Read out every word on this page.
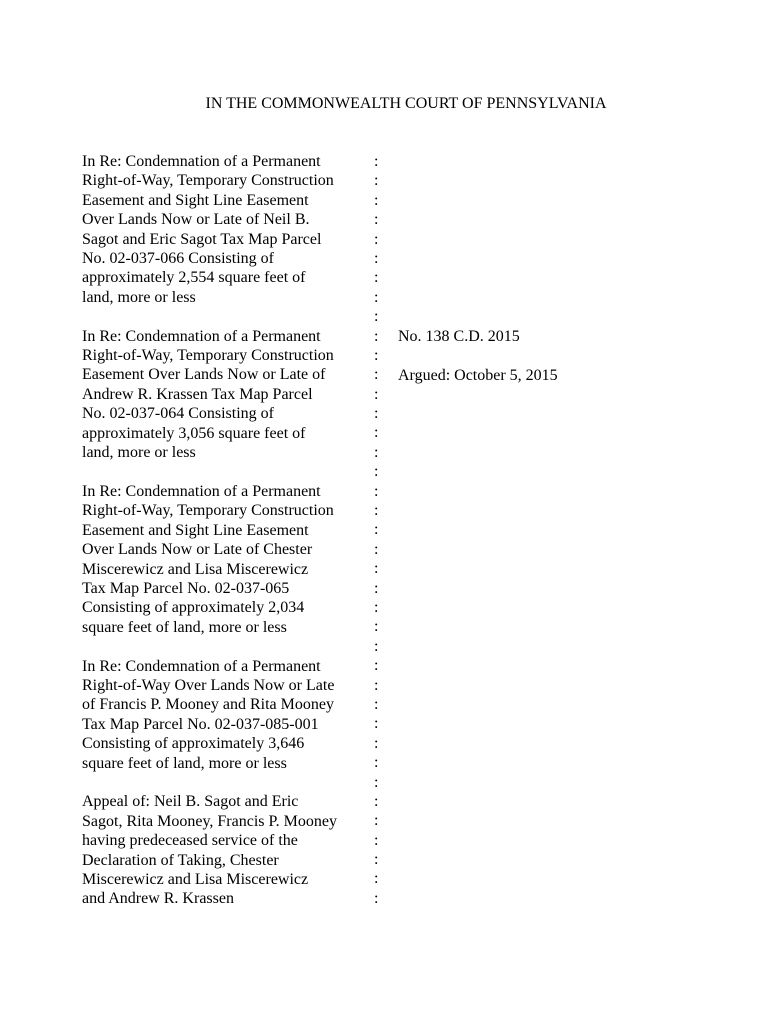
IN THE COMMONWEALTH COURT OF PENNSYLVANIA
In Re: Condemnation of a Permanent
Right-of-Way, Temporary Construction
Easement and Sight Line Easement
Over Lands Now or Late of Neil B.
Sagot and Eric Sagot Tax Map Parcel
No. 02-037-066 Consisting of
approximately 2,554 square feet of
land, more or less
In Re: Condemnation of a Permanent
Right-of-Way, Temporary Construction
Easement Over Lands Now or Late of
Andrew R. Krassen Tax Map Parcel
No. 02-037-064 Consisting of
approximately 3,056 square feet of
land, more or less
In Re: Condemnation of a Permanent
Right-of-Way, Temporary Construction
Easement and Sight Line Easement
Over Lands Now or Late of Chester
Miscerewicz and Lisa Miscerewicz
Tax Map Parcel No. 02-037-065
Consisting of approximately 2,034
square feet of land, more or less
In Re: Condemnation of a Permanent
Right-of-Way Over Lands Now or Late
of Francis P. Mooney and Rita Mooney
Tax Map Parcel No. 02-037-085-001
Consisting of approximately 3,646
square feet of land, more or less
Appeal of: Neil B. Sagot and Eric
Sagot, Rita Mooney, Francis P. Mooney
having predeceased service of the
Declaration of Taking, Chester
Miscerewicz and Lisa Miscerewicz
and Andrew R. Krassen
:
:
:
:
:
:
:
:
:
:
:
:
:
:
:
:
:
:
:
:
:
:
:
:
:
:
:
:
:
:
:
:
:
:
:
:
:
:
:
No. 138 C.D. 2015
Argued: October 5, 2015
